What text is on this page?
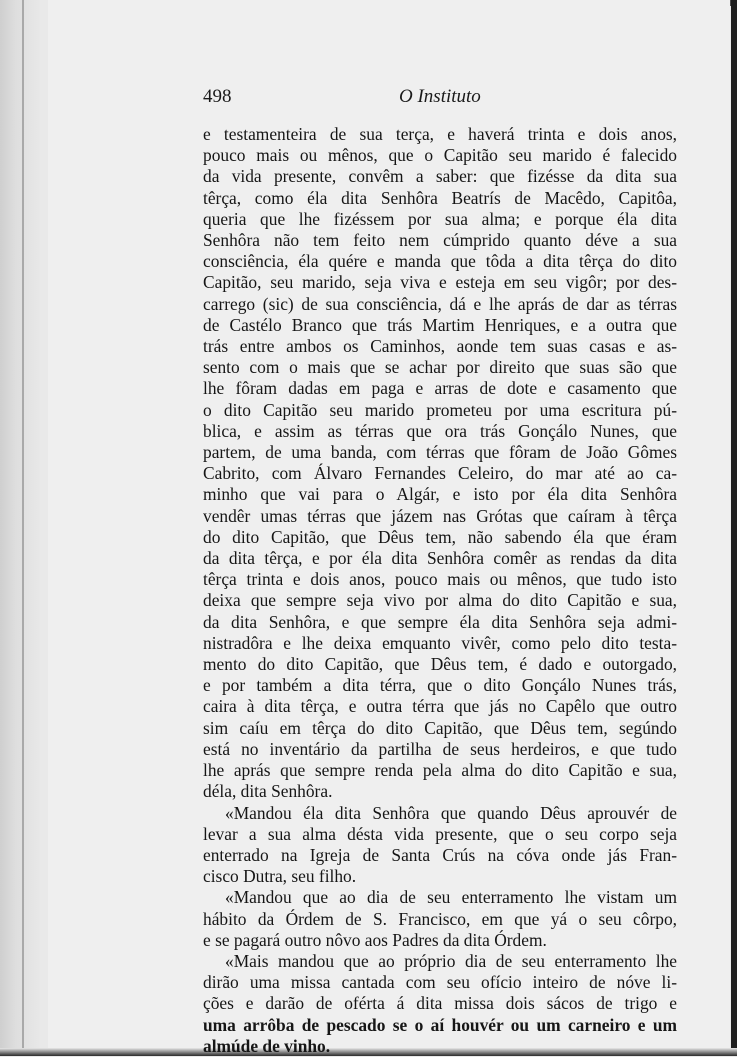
498	O Instituto
e testamenteira de sua terça, e haverá trinta e dois anos,
pouco mais ou mênos, que o Capitão seu marido é falecido
da vida presente, convêm a saber: que fizésse da dita sua
têrça, como éla dita Senhôra Beatrís de Macêdo, Capitôa,
queria que lhe fizéssem por sua alma; e porque éla dita
Senhôra não tem feito nem cúmprido quanto déve a sua
consciência, éla quére e manda que tôda a dita têrça do dito
Capitão, seu marido, seja viva e esteja em seu vigôr; por des-
carrego (sic) de sua consciência, dá e lhe aprás de dar as térras
de Castélo Branco que trás Martim Henriques, e a outra que
trás entre ambos os Caminhos, aonde tem suas casas e as-
sento com o mais que se achar por direito que suas são que
lhe fôram dadas em paga e arras de dote e casamento que
o dito Capitão seu marido prometeu por uma escritura pú-
blica, e assim as térras que ora trás Gonçálo Nunes, que
partem, de uma banda, com térras que fôram de João Gômes
Cabrito, com Álvaro Fernandes Celeiro, do mar até ao ca-
minho que vai para o Algár, e isto por éla dita Senhôra
vendêr umas térras que jázem nas Grótas que caíram à têrça
do dito Capitão, que Dêus tem, não sabendo éla que éram
da dita têrça, e por éla dita Senhôra comêr as rendas da dita
têrça trinta e dois anos, pouco mais ou mênos, que tudo isto
deixa que sempre seja vivo por alma do dito Capitão e sua,
da dita Senhôra, e que sempre éla dita Senhôra seja admi-
nistradôra e lhe deixa emquanto vivêr, como pelo dito testa-
mento do dito Capitão, que Dêus tem, é dado e outorgado,
e por também a dita térra, que o dito Gonçálo Nunes trás,
caira à dita têrça, e outra térra que jás no Capêlo que outro
sim caíu em têrça do dito Capitão, que Dêus tem, segúndo
está no inventário da partilha de seus herdeiros, e que tudo
lhe aprás que sempre renda pela alma do dito Capitão e sua,
déla, dita Senhôra.
«Mandou éla dita Senhôra que quando Dêus aprouvér de
levar a sua alma désta vida presente, que o seu corpo seja
enterrado na Igreja de Santa Crús na cóva onde jás Fran-
cisco Dutra, seu filho.
«Mandou que ao dia de seu enterramento lhe vistam um
hábito da Órdem de S. Francisco, em que yá o seu côrpo,
e se pagará outro nôvo aos Padres da dita Órdem.
«Mais mandou que ao próprio dia de seu enterramento lhe
dirão uma missa cantada com seu ofício inteiro de nóve li-
ções e darão de oférta á dita missa dois sácos de trigo e
uma arrôba de pescado se o aí houvér ou um carneiro e um
almúde de vinho.
